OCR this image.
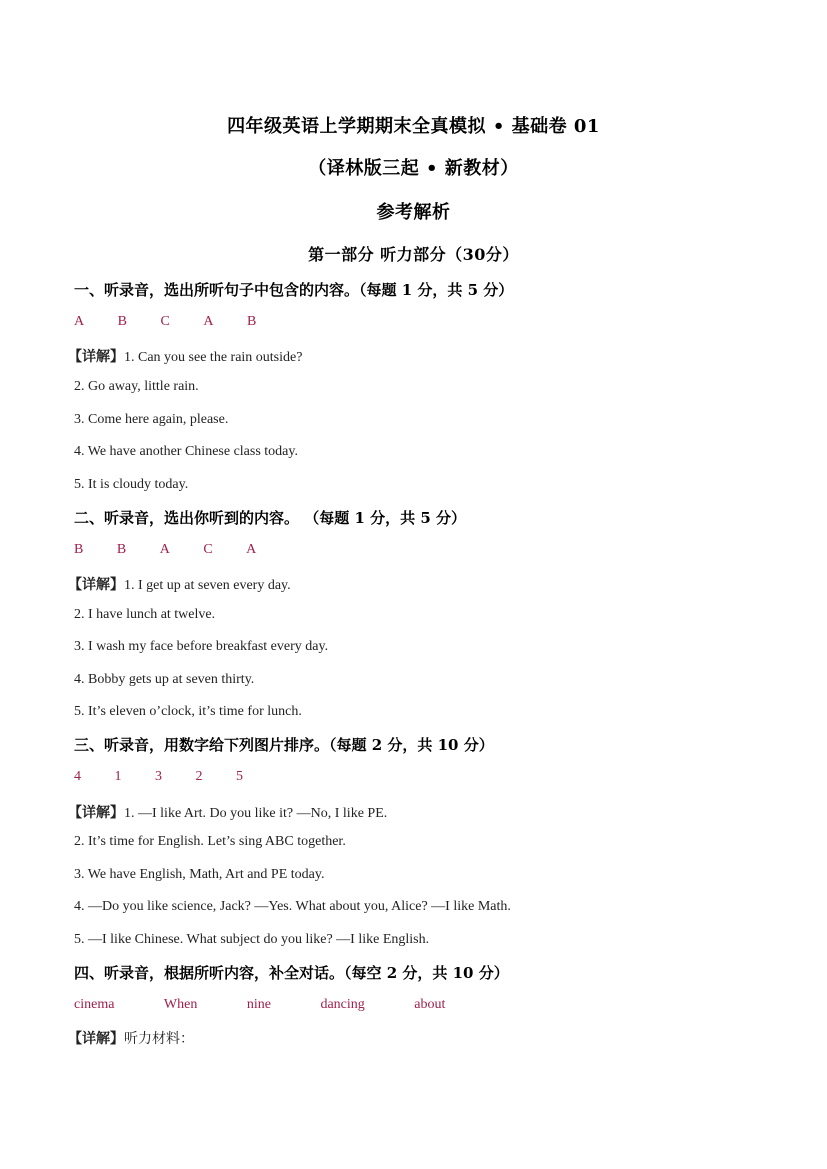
四年级英语上学期期末全真模拟 • 基础卷 01
（译林版三起 • 新教材）
参考解析
第一部分 听力部分（30分）
一、听录音，选出所听句子中包含的内容。（每题 1 分，共 5 分）
A B C A B
【详解】1. Can you see the rain outside?
2. Go away, little rain.
3. Come here again, please.
4. We have another Chinese class today.
5. It is cloudy today.
二、听录音，选出你听到的内容。 （每题 1 分，共 5 分）
B B A C A
【详解】1. I get up at seven every day.
2. I have lunch at twelve.
3. I wash my face before breakfast every day.
4. Bobby gets up at seven thirty.
5. It’s eleven o’clock, it’s time for lunch.
三、听录音，用数字给下列图片排序。（每题 2 分，共 10 分）
4 1 3 2 5
【详解】1. —I like Art. Do you like it? —No, I like PE.
2. It’s time for English. Let’s sing ABC together.
3. We have English, Math, Art and PE today.
4. —Do you like science, Jack? —Yes. What about you, Alice? —I like Math.
5. —I like Chinese. What subject do you like? —I like English.
四、听录音，根据所听内容，补全对话。（每空 2 分，共 10 分）
cinema	When	nine	dancing	about
【详解】听力材料：
